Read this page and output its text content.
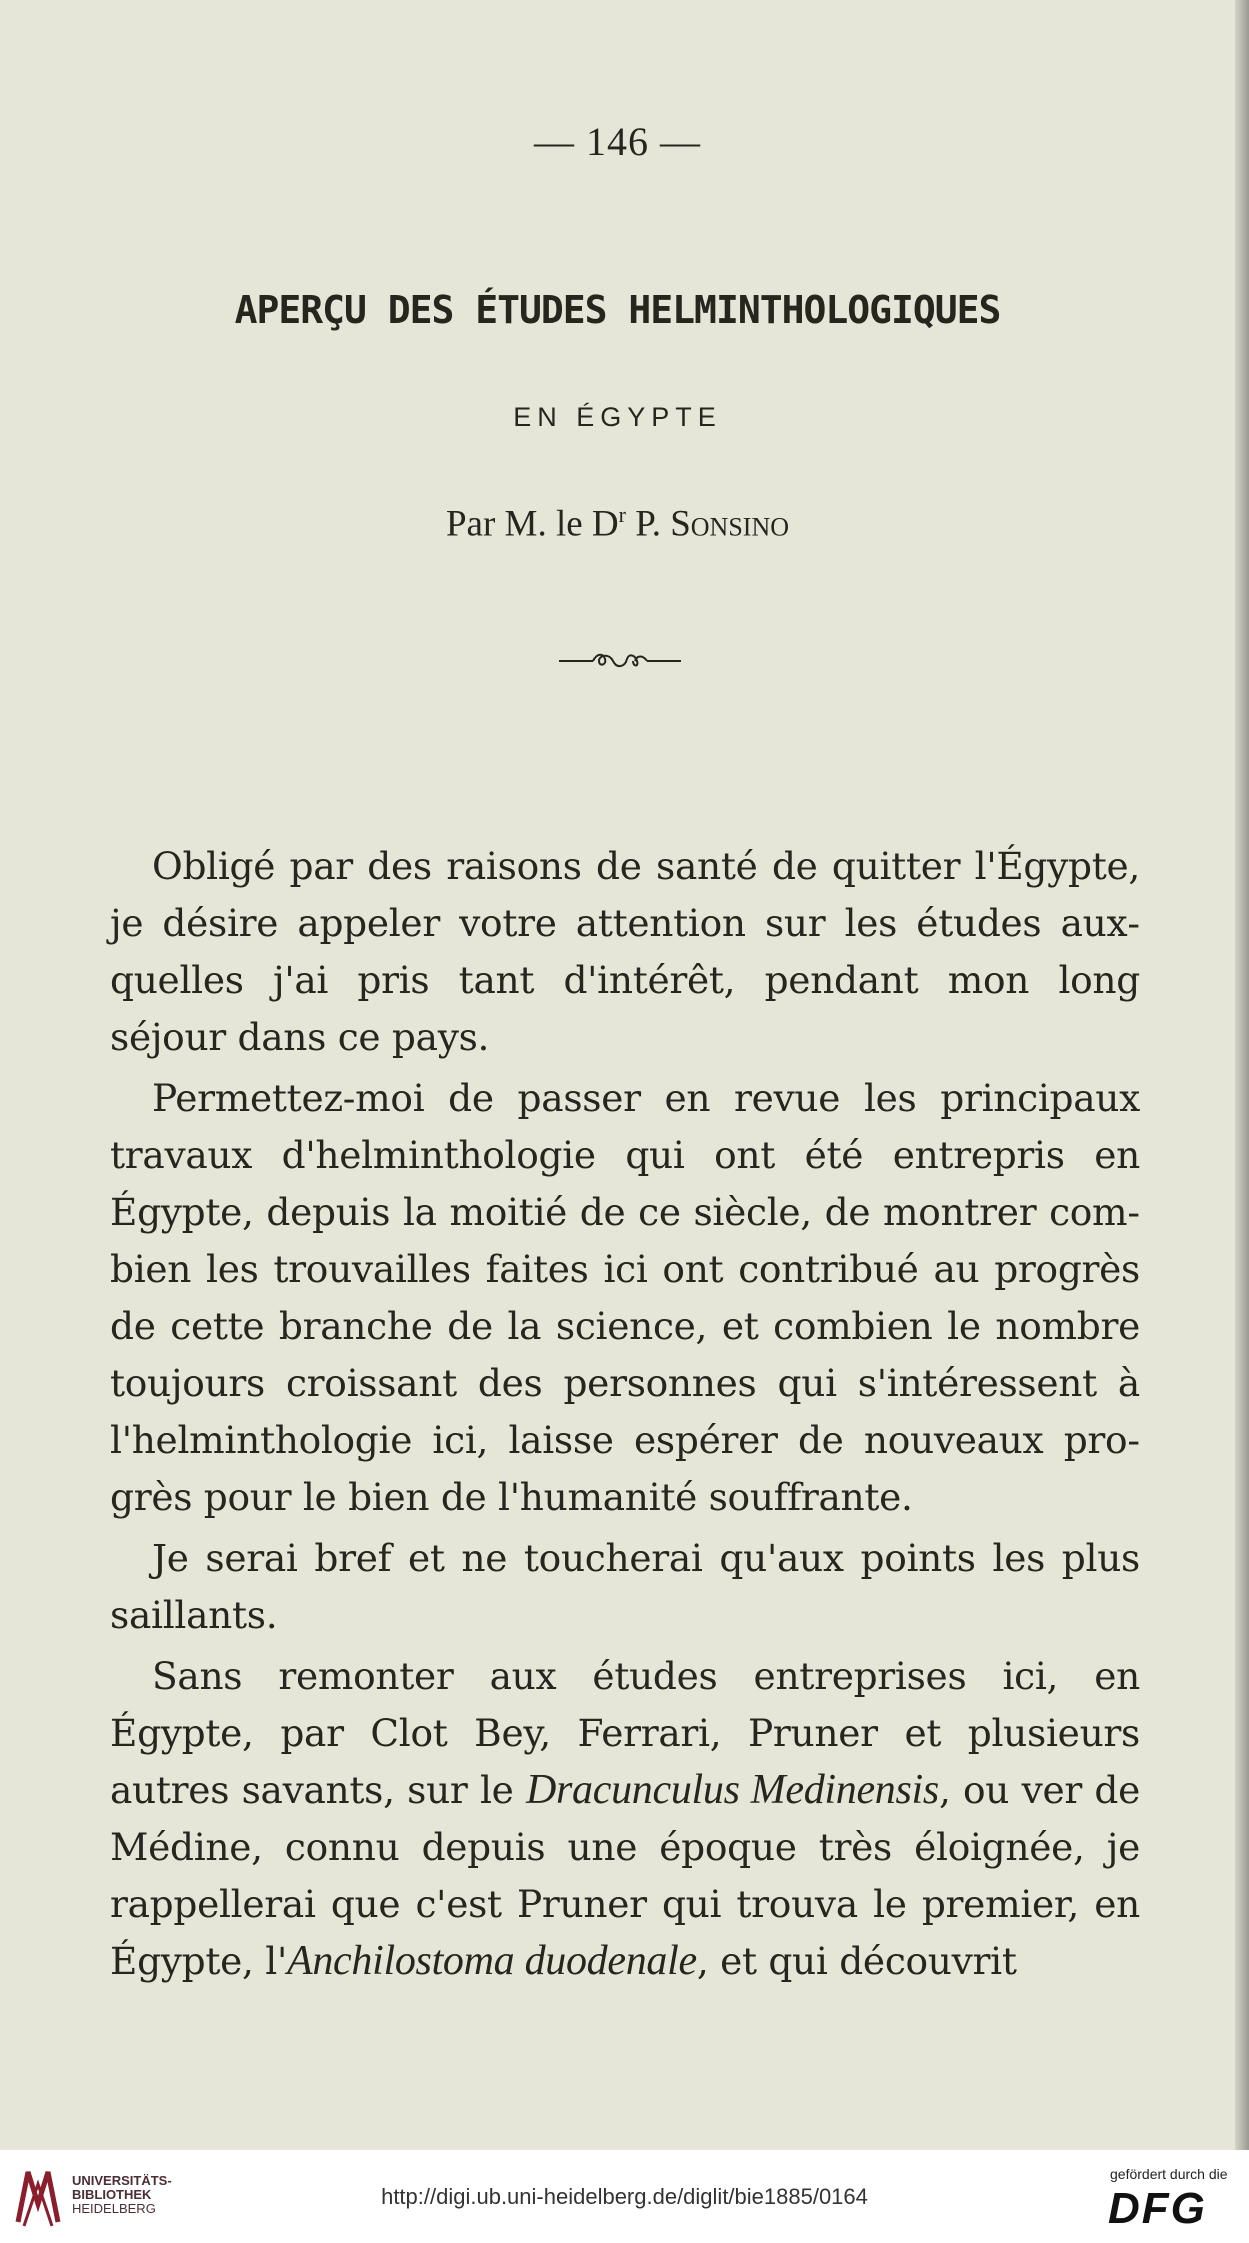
— 146 —
APERÇU DES ÉTUDES HELMINTHOLOGIQUES
EN ÉGYPTE
Par M. le $D^r$ P. Sonsino

Obligé par des raisons de santé de quitter l'Égypte, je désire appeler votre attention sur les études auxquelles j'ai pris tant d'intérêt, pendant mon long séjour dans ce pays.

Permettez-moi de passer en revue les principaux travaux d'helminthologie qui ont été entrepris en Égypte, depuis la moitié de ce siècle, de montrer combien les trouvailles faites ici ont contribué au progrès de cette branche de la science, et combien le nombre toujours croissant des personnes qui s'intéressent à l'helminthologie ici, laisse espérer de nouveaux progrès pour le bien de l'humanité souffrante.

Je serai bref et ne toucherai qu'aux points les plus saillants.

Sans remonter aux études entreprises ici, en Égypte, par Clot Bey, Ferrari, Pruner et plusieurs autres savants, sur le Dracunculus Medinensis, ou ver de Médine, connu depuis une époque très éloignée, je rappellerai que c'est Pruner qui trouva le premier, en Égypte, l'Anchilostoma duodenale, et qui découvrit

UNIVERSITÄTS-
BIBLIOTHEK
HEIDELBERG	http://digi.ub.uni-heidelberg.de/diglit/bie1885/0164
gefördert durch die
DFG
